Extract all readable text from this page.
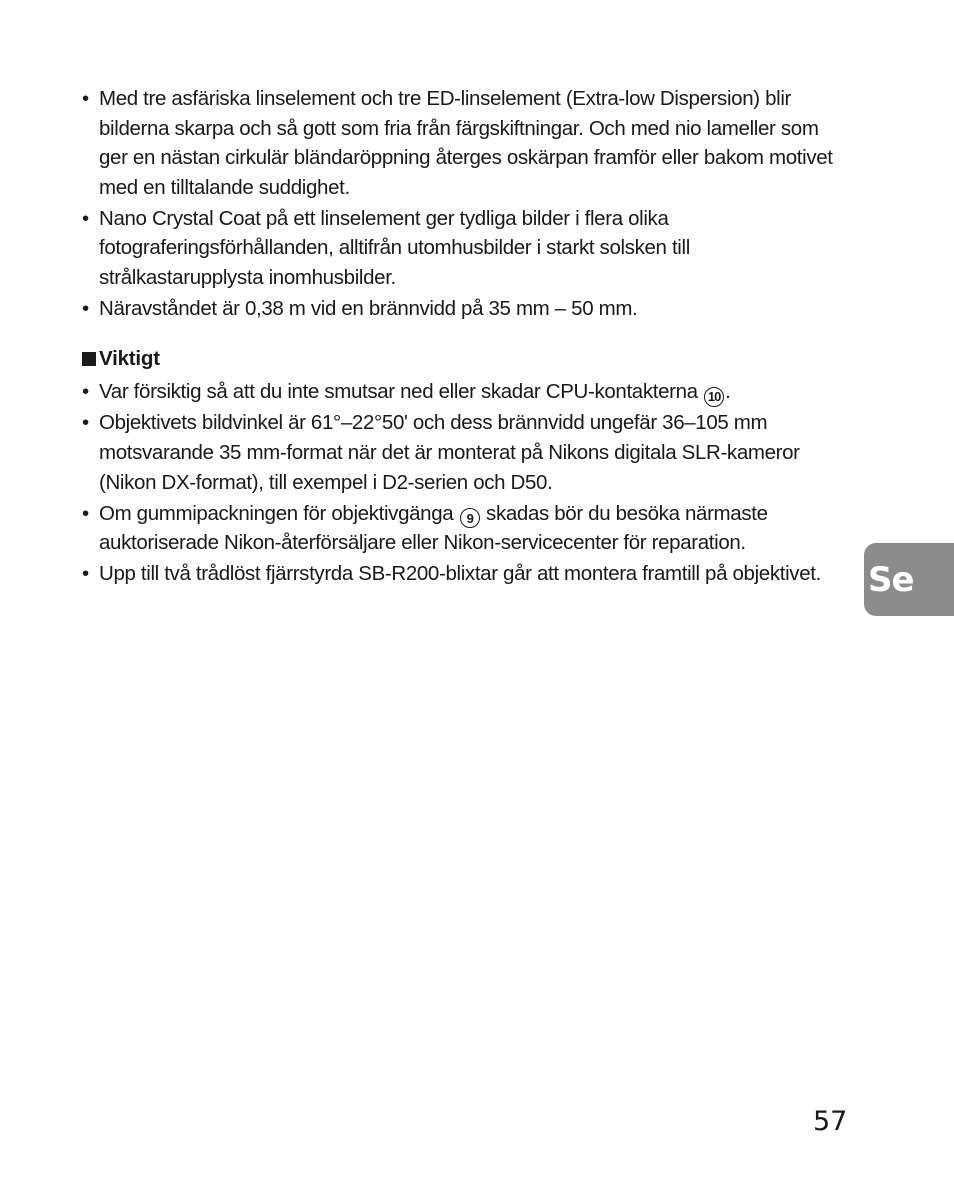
• Med tre asfäriska linselement och tre ED-linselement (Extra-low Dispersion) blir bilderna skarpa och så gott som fria från färgskiftningar. Och med nio lameller som ger en nästan cirkulär bländaröppning återges oskärpan framför eller bakom motivet med en tilltalande suddighet.
• Nano Crystal Coat på ett linselement ger tydliga bilder i flera olika fotograferingsförhållanden, alltifrån utomhusbilder i starkt solsken till strålkastarupplysta inomhusbilder.
• Näravståndet är 0,38 m vid en brännvidd på 35 mm – 50 mm.
Viktigt
• Var försiktig så att du inte smutsar ned eller skadar CPU-kontakterna 10 .
• Objektivets bildvinkel är 61°–22°50' och dess brännvidd ungefär 36–105 mm motsvarande 35 mm-format när det är monterat på Nikons digitala SLR-kameror (Nikon DX-format), till exempel i D2-serien och D50.
• Om gummipackningen för objektivgänga 9 skadas bör du besöka närmaste auktoriserade Nikon-återförsäljare eller Nikon-servicecenter för reparation.
• Upp till två trådlöst fjärrstyrda SB-R200-blixtar går att montera framtill på objektivet.	Se
57
